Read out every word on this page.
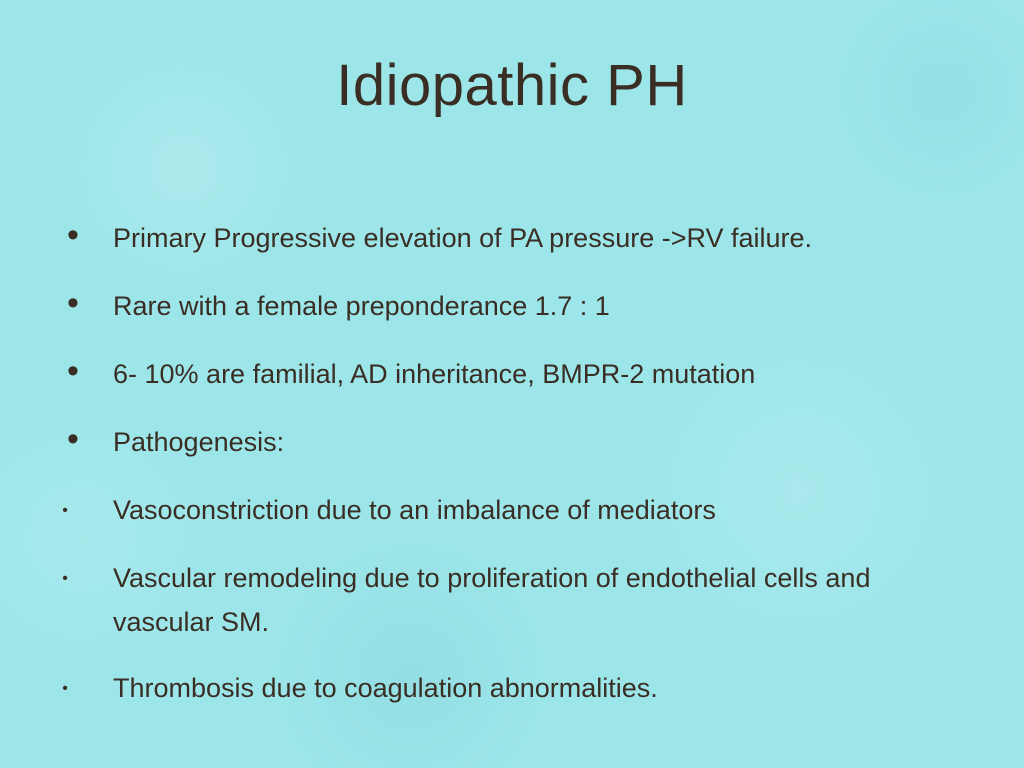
Idiopathic PH
•	Primary Progressive elevation of PA pressure ->RV failure.
•	Rare with a female preponderance 1.7 : 1
•	6- 10% are familial, AD inheritance, BMPR-2 mutation
•	Pathogenesis:
•	Vasoconstriction due to an imbalance of mediators
•	Vascular remodeling due to proliferation of endothelial cells and vascular SM.
•	Thrombosis due to coagulation abnormalities.
